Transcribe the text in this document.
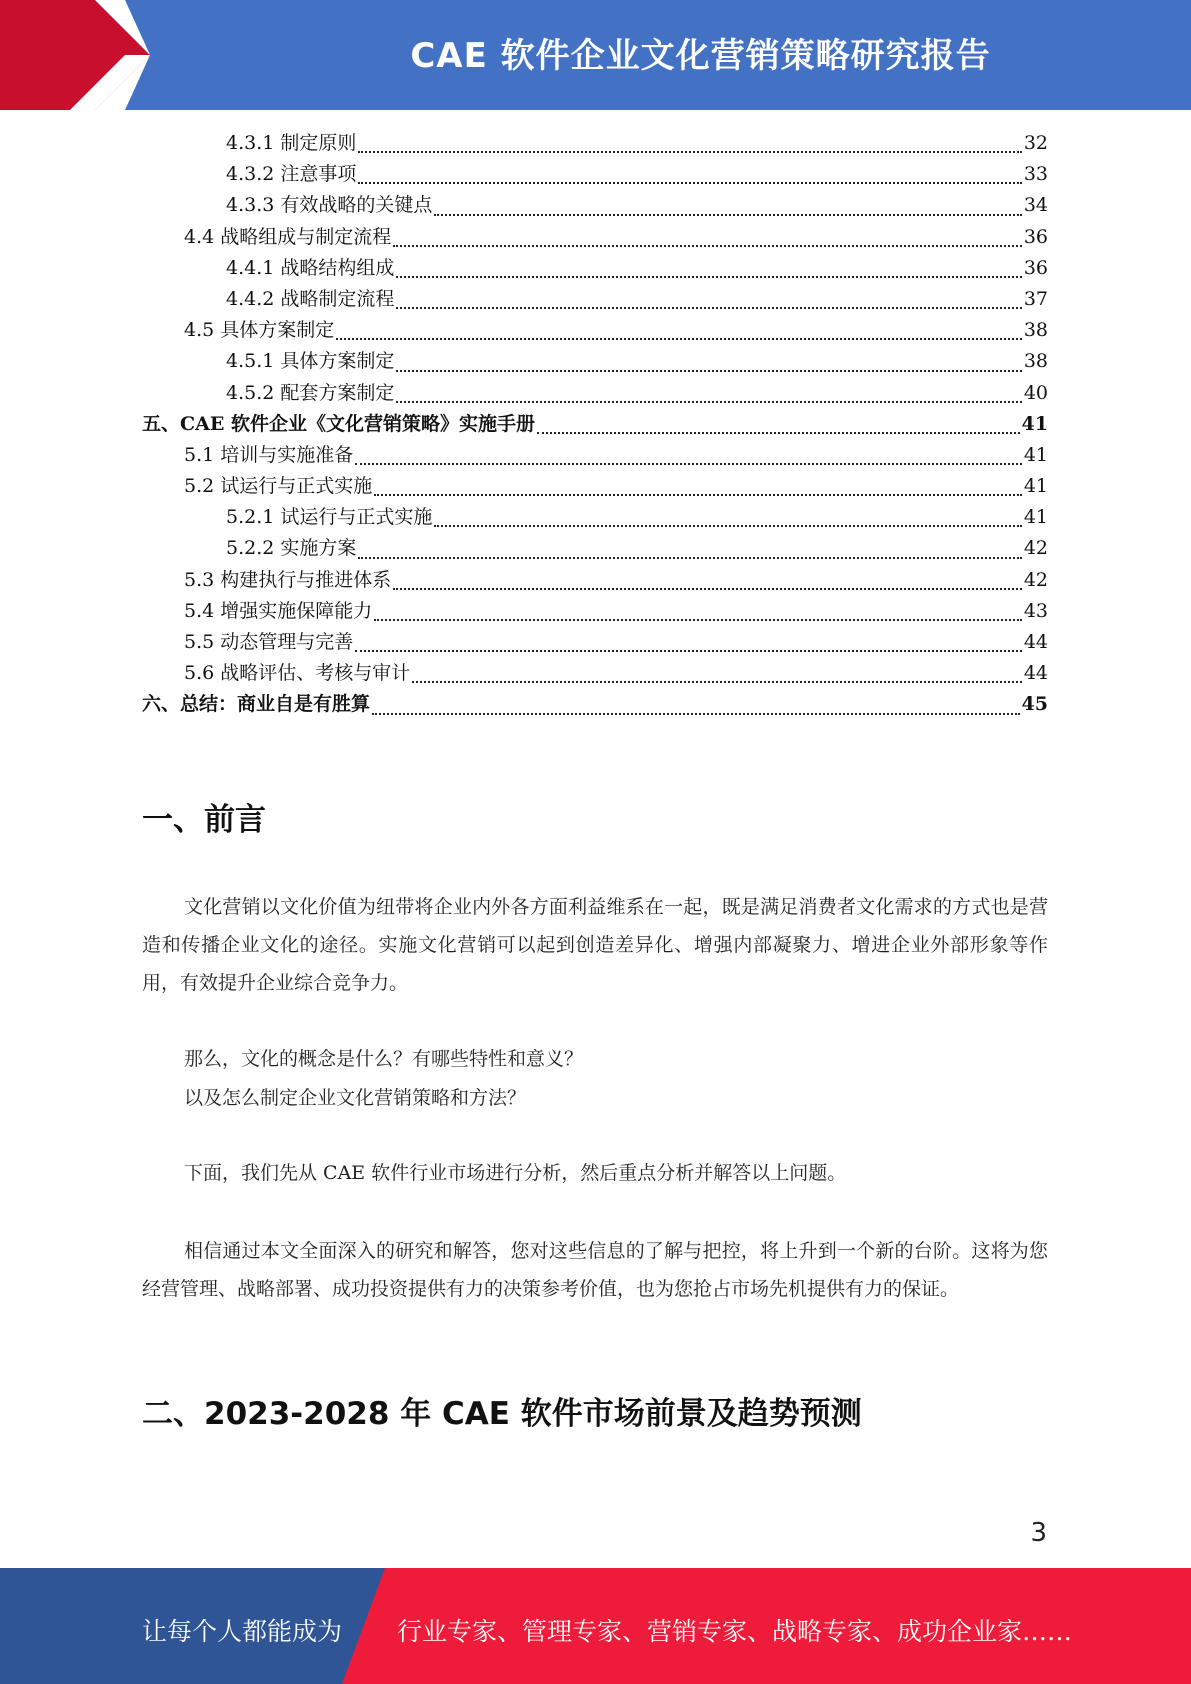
CAE 软件企业文化营销策略研究报告
4.3.1 制定原则	32
4.3.2 注意事项	33
4.3.3 有效战略的关键点	34
4.4 战略组成与制定流程	36
4.4.1 战略结构组成	36
4.4.2 战略制定流程	37
4.5 具体方案制定	38
4.5.1 具体方案制定	38
4.5.2 配套方案制定	40
五、CAE 软件企业《文化营销策略》实施手册	41
5.1 培训与实施准备	41
5.2 试运行与正式实施	41
5.2.1 试运行与正式实施	41
5.2.2 实施方案	42
5.3 构建执行与推进体系	42
5.4 增强实施保障能力	43
5.5 动态管理与完善	44
5.6 战略评估、考核与审计	44
六、总结：商业自是有胜算	45
一、前言
文化营销以文化价值为纽带将企业内外各方面利益维系在一起，既是满足消费者文化需求的方式也是营造和传播企业文化的途径。实施文化营销可以起到创造差异化、增强内部凝聚力、增进企业外部形象等作用，有效提升企业综合竞争力。
那么，文化的概念是什么？有哪些特性和意义？
以及怎么制定企业文化营销策略和方法？
下面，我们先从 CAE 软件行业市场进行分析，然后重点分析并解答以上问题。
相信通过本文全面深入的研究和解答，您对这些信息的了解与把控，将上升到一个新的台阶。这将为您经营管理、战略部署、成功投资提供有力的决策参考价值，也为您抢占市场先机提供有力的保证。
二、2023-2028 年 CAE 软件市场前景及趋势预测
3
让每个人都能成为 行业专家、管理专家、营销专家、战略专家、成功企业家……
